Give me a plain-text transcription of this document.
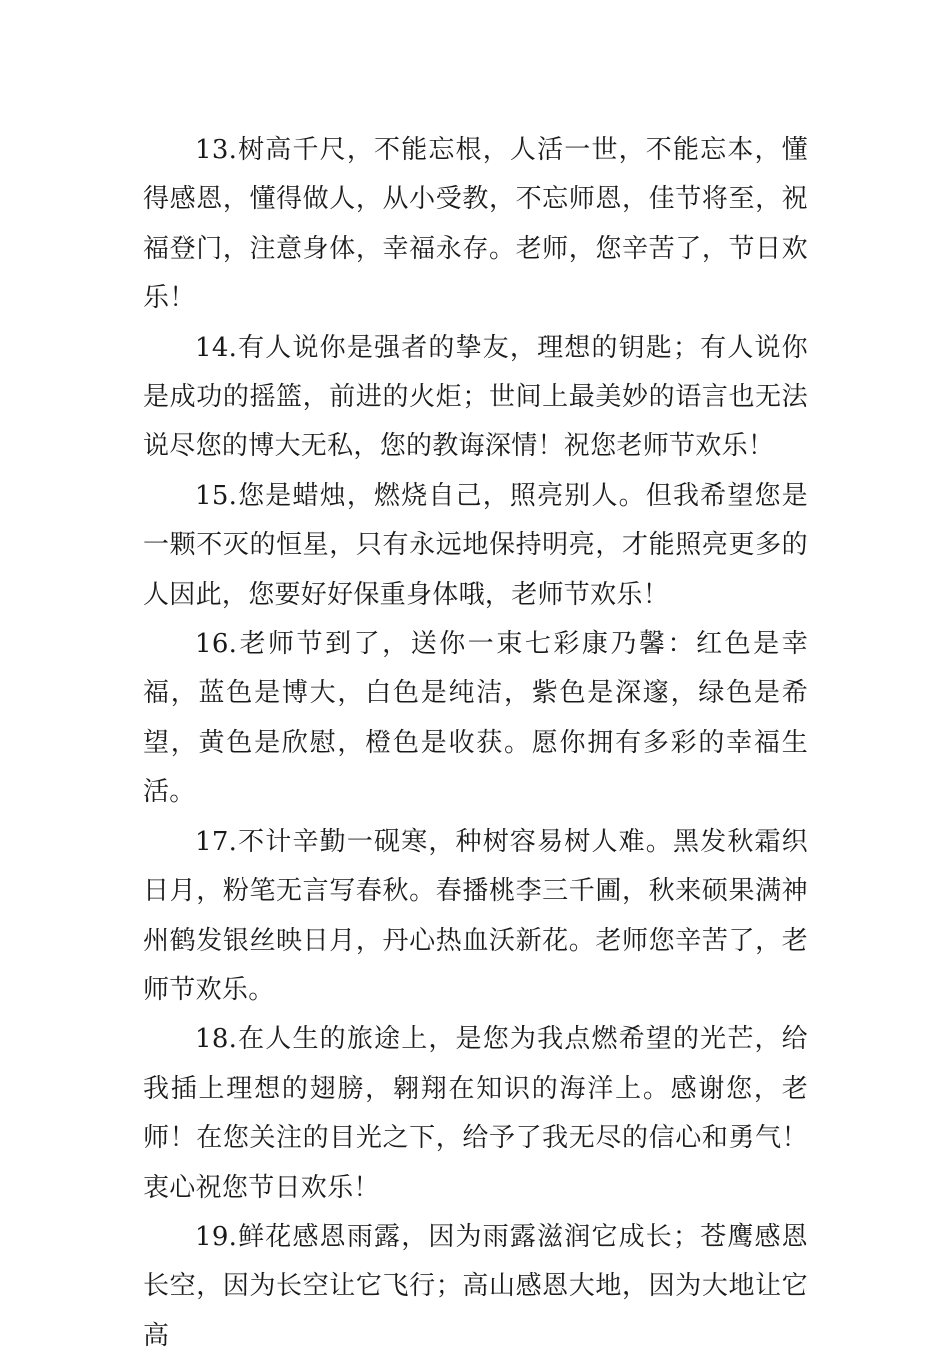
13.树高千尺，不能忘根，人活一世，不能忘本，懂得感恩，懂得做人，从小受教，不忘师恩，佳节将至，祝福登门，注意身体，幸福永存。老师，您辛苦了，节日欢乐！

14.有人说你是强者的挚友，理想的钥匙；有人说你是成功的摇篮，前进的火炬；世间上最美妙的语言也无法说尽您的博大无私，您的教诲深情！祝您老师节欢乐！

15.您是蜡烛，燃烧自己，照亮别人。但我希望您是一颗不灭的恒星，只有永远地保持明亮，才能照亮更多的人因此，您要好好保重身体哦，老师节欢乐！

16.老师节到了，送你一束七彩康乃馨：红色是幸福，蓝色是博大，白色是纯洁，紫色是深邃，绿色是希望，黄色是欣慰，橙色是收获。愿你拥有多彩的幸福生活。

17.不计辛勤一砚寒，种树容易树人难。黑发秋霜织日月，粉笔无言写春秋。春播桃李三千圃，秋来硕果满神州鹤发银丝映日月，丹心热血沃新花。老师您辛苦了，老师节欢乐。

18.在人生的旅途上，是您为我点燃希望的光芒，给我插上理想的翅膀，翱翔在知识的海洋上。感谢您，老师！在您关注的目光之下，给予了我无尽的信心和勇气！衷心祝您节日欢乐！

19.鲜花感恩雨露，因为雨露滋润它成长；苍鹰感恩长空，因为长空让它飞行；高山感恩大地，因为大地让它高
